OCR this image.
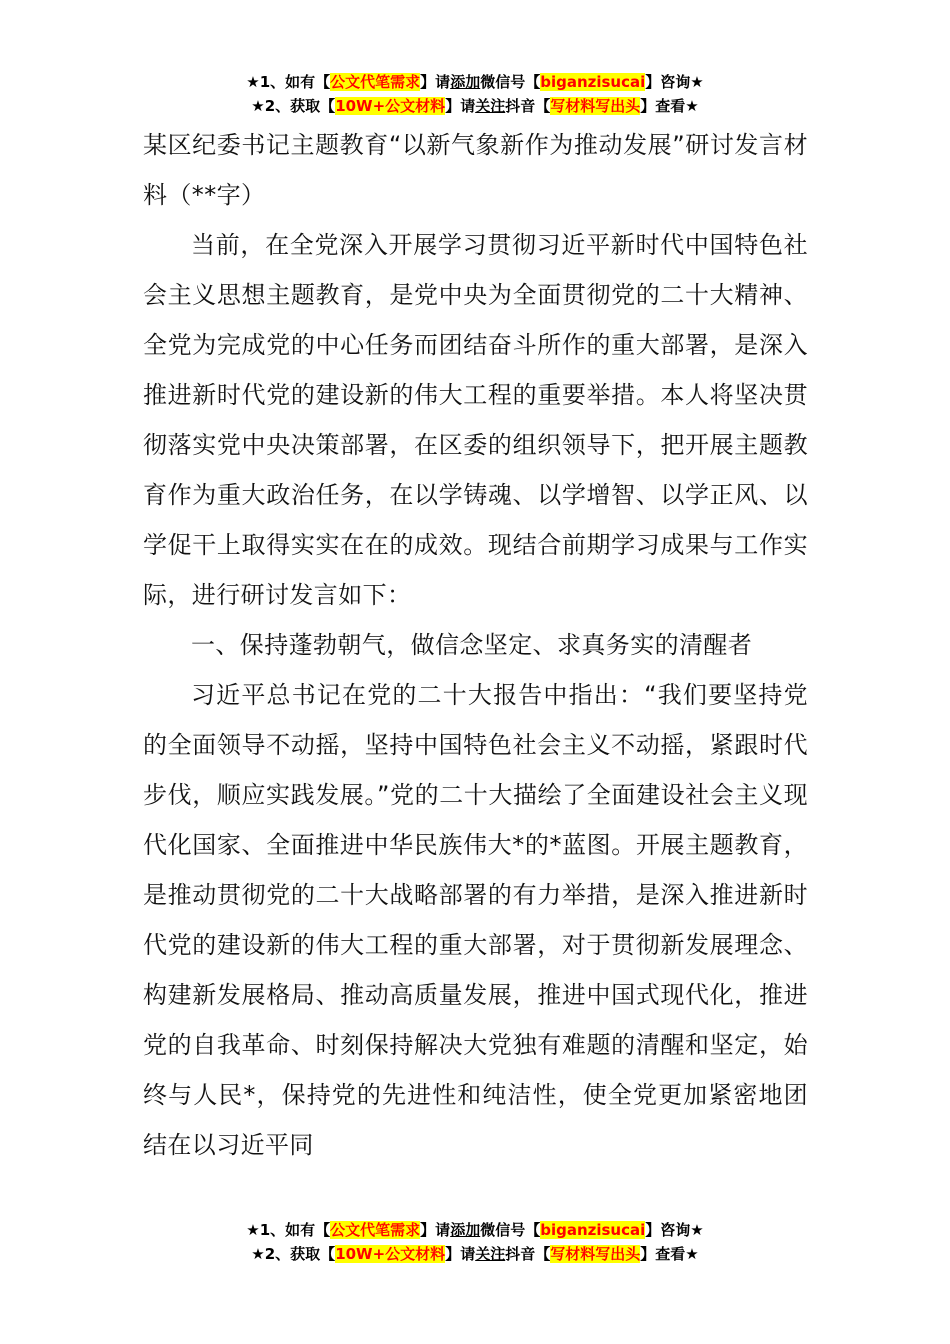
★1、如有【公文代笔需求】请添加微信号【biganzisucai】咨询★
★2、获取【10W+公文材料】请关注抖音【写材料写出头】查看★

某区纪委书记主题教育“以新气象新作为推动发展”研讨发言材料（**字）

当前，在全党深入开展学习贯彻习近平新时代中国特色社会主义思想主题教育，是党中央为全面贯彻党的二十大精神、全党为完成党的中心任务而团结奋斗所作的重大部署，是深入推进新时代党的建设新的伟大工程的重要举措。本人将坚决贯彻落实党中央决策部署，在区委的组织领导下，把开展主题教育作为重大政治任务，在以学铸魂、以学增智、以学正风、以学促干上取得实实在在的成效。现结合前期学习成果与工作实际，进行研讨发言如下：

一、保持蓬勃朝气，做信念坚定、求真务实的清醒者

习近平总书记在党的二十大报告中指出：“我们要坚持党的全面领导不动摇，坚持中国特色社会主义不动摇，紧跟时代步伐，顺应实践发展。”党的二十大描绘了全面建设社会主义现代化国家、全面推进中华民族伟大*的*蓝图。开展主题教育，是推动贯彻党的二十大战略部署的有力举措，是深入推进新时代党的建设新的伟大工程的重大部署，对于贯彻新发展理念、构建新发展格局、推动高质量发展，推进中国式现代化，推进党的自我革命、时刻保持解决大党独有难题的清醒和坚定，始终与人民*，保持党的先进性和纯洁性，使全党更加紧密地团结在以习近平同

★1、如有【公文代笔需求】请添加微信号【biganzisucai】咨询★
★2、获取【10W+公文材料】请关注抖音【写材料写出头】查看★
